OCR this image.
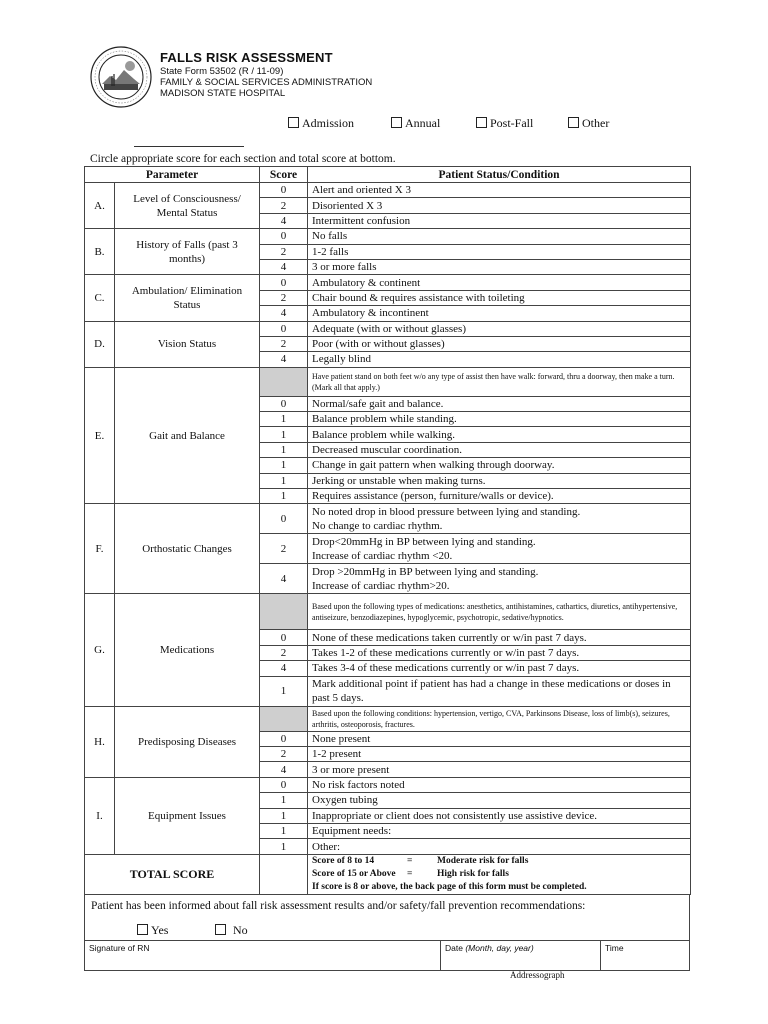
FALLS RISK ASSESSMENT
State Form 53502 (R / 11-09)
FAMILY & SOCIAL SERVICES ADMINISTRATION
MADISON STATE HOSPITAL
Admission	Annual	Post-Fall	Other
Circle appropriate score for each section and total score at bottom.
Parameter		Score	Patient Status/Condition
A.	Level of Consciousness/ Mental Status	0	Alert and oriented X 3
		2	Disoriented X 3
		4	Intermittent confusion
B.	History of Falls (past 3 months)	0	No falls
		2	1-2 falls
		4	3 or more falls
C.	Ambulation/ Elimination Status	0	Ambulatory & continent
		2	Chair bound & requires assistance with toileting
		4	Ambulatory & incontinent
D.	Vision Status	0	Adequate (with or without glasses)
		2	Poor (with or without glasses)
		4	Legally blind
E.	Gait and Balance		Have patient stand on both feet w/o any type of assist then have walk: forward, thru a doorway, then make a turn. (Mark all that apply.)
		0	Normal/safe gait and balance.
		1	Balance problem while standing.
		1	Balance problem while walking.
		1	Decreased muscular coordination.
		1	Change in gait pattern when walking through doorway.
		1	Jerking or unstable when making turns.
		1	Requires assistance (person, furniture/walls or device).
F.	Orthostatic Changes	0	No noted drop in blood pressure between lying and standing.
No change to cardiac rhythm.

		2	Drop<20mmHg in BP between lying and standing.
Increase of cardiac rhythm <20.

		4	Drop >20mmHg in BP between lying and standing.
Increase of cardiac rhythm>20.

G.	Medications		Based upon the following types of medications: anesthetics, antihistamines, cathartics, diuretics, antihypertensive, antiseizure, benzodiazepines, hypoglycemic, psychotropic, sedative/hypnotics.
		0	None of these medications taken currently or w/in past 7 days.
		2	Takes 1-2 of these medications currently or w/in past 7 days.
		4	Takes 3-4 of these medications currently or w/in past 7 days.
		1	Mark additional point if patient has had a change in these medications or doses in past 5 days.
H.	Predisposing Diseases		Based upon the following conditions: hypertension, vertigo, CVA, Parkinsons Disease, loss of limb(s), seizures, arthritis, osteoporosis, fractures.
		0	None present
		2	1-2 present
		4	3 or more present
I.	Equipment Issues	0	No risk factors noted
		1	Oxygen tubing
		1	Inappropriate or client does not consistently use assistive device.
		1	Equipment needs:
		1	Other:
TOTAL SCORE			Score of 8 to 14 = Moderate risk for falls
Score of 15 or Above = High risk for falls
If score is 8 or above, the back page of this form must be completed.
Patient has been informed about fall risk assessment results and/or safety/fall prevention recommendations:
Yes	No
Signature of RN	Date (Month, day, year)	Time
Addressograph
